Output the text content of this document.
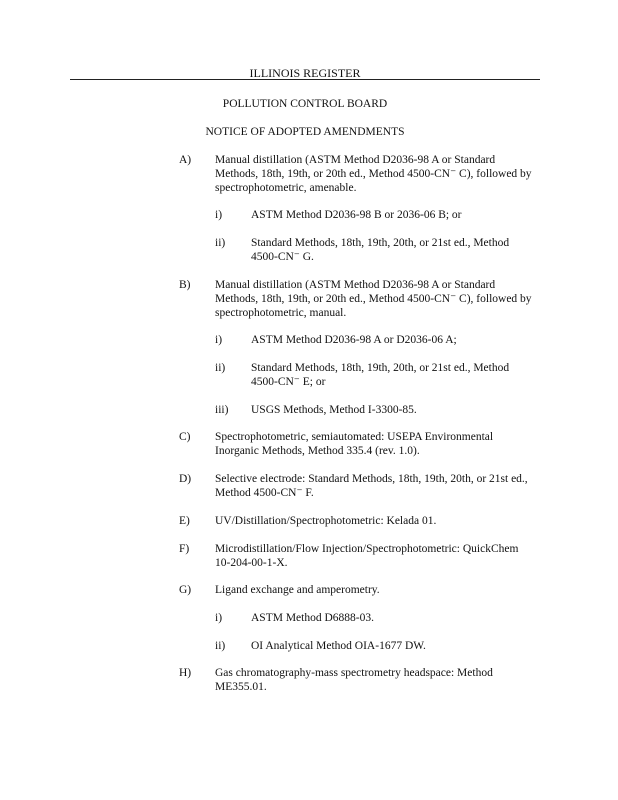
ILLINOIS REGISTER
POLLUTION CONTROL BOARD
NOTICE OF ADOPTED AMENDMENTS
A) Manual distillation (ASTM Method D2036-98 A or Standard Methods, 18th, 19th, or 20th ed., Method 4500-CN⁻ C), followed by spectrophotometric, amenable.
i)	ASTM Method D2036-98 B or 2036-06 B; or
ii) Standard Methods, 18th, 19th, 20th, or 21st ed., Method 4500-CN⁻ G.
B) Manual distillation (ASTM Method D2036-98 A or Standard Methods, 18th, 19th, or 20th ed., Method 4500-CN⁻ C), followed by spectrophotometric, manual.
i)	ASTM Method D2036-98 A or D2036-06 A;
ii) Standard Methods, 18th, 19th, 20th, or 21st ed., Method 4500-CN⁻ E; or
iii) USGS Methods, Method I-3300-85.
C) Spectrophotometric, semiautomated: USEPA Environmental Inorganic Methods, Method 335.4 (rev. 1.0).
D) Selective electrode: Standard Methods, 18th, 19th, 20th, or 21st ed., Method 4500-CN⁻ F.
E) UV/Distillation/Spectrophotometric: Kelada 01.
F) Microdistillation/Flow Injection/Spectrophotometric: QuickChem 10-204-00-1-X.
G) Ligand exchange and amperometry.
i)	ASTM Method D6888-03.
ii) OI Analytical Method OIA-1677 DW.
H) Gas chromatography-mass spectrometry headspace: Method ME355.01.
